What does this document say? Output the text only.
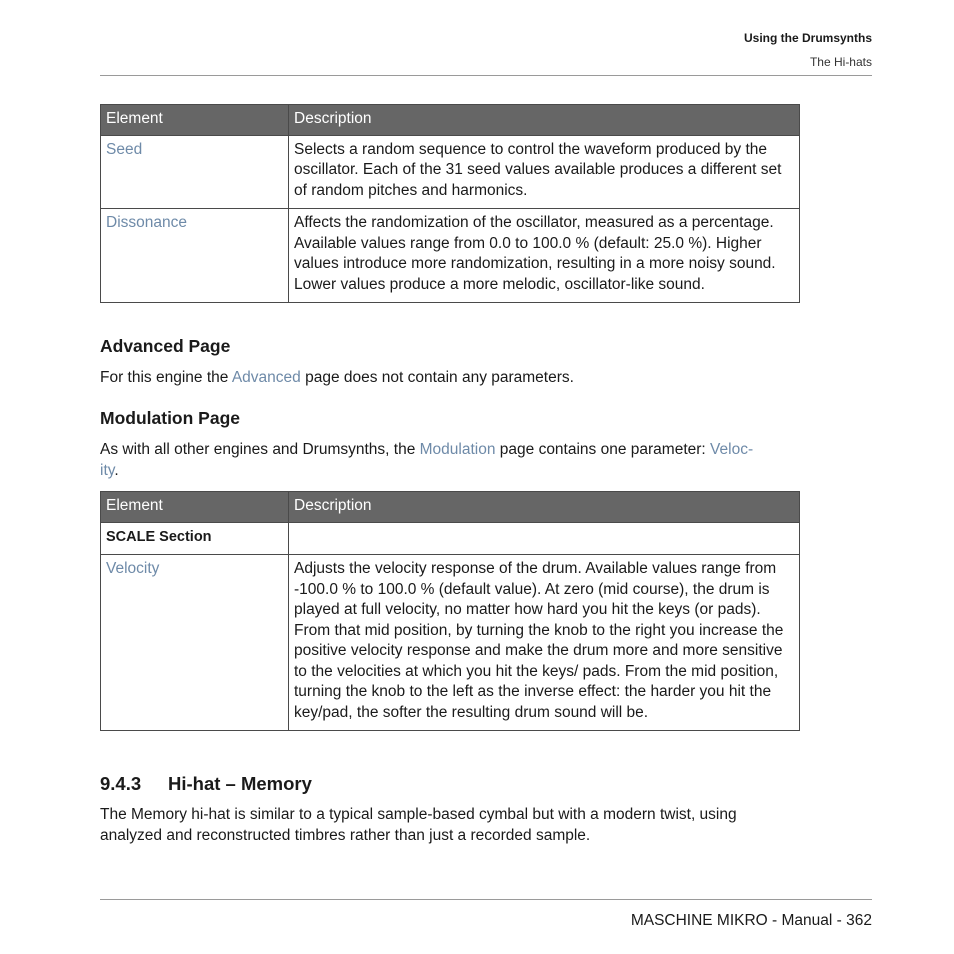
Using the Drumsynths
The Hi-hats
Element	Description
Seed	Selects a random sequence to control the waveform produced by the oscillator. Each of the 31 seed values available produces a different set of random pitches and harmonics.
Dissonance	Affects the randomization of the oscillator, measured as a percentage. Available values range from 0.0 to 100.0 % (default: 25.0 %). Higher values introduce more randomization, resulting in a more noisy sound. Lower values produce a more melodic, oscillator-like sound.
Advanced Page
For this engine the Advanced page does not contain any parameters.
Modulation Page
As with all other engines and Drumsynths, the Modulation page contains one parameter: Veloc-
ity.
Element	Description
SCALE Section	
Velocity	Adjusts the velocity response of the drum. Available values range from -100.0 % to 100.0 % (default value). At zero (mid course), the drum is played at full velocity, no matter how hard you hit the keys (or pads). From that mid position, by turning the knob to the right you increase the positive velocity response and make the drum more and more sensitive to the velocities at which you hit the keys/ pads. From the mid position, turning the knob to the left as the inverse effect: the harder you hit the key/pad, the softer the resulting drum sound will be.
9.4.3 Hi-hat – Memory
The Memory hi-hat is similar to a typical sample-based cymbal but with a modern twist, using analyzed and reconstructed timbres rather than just a recorded sample.
MASCHINE MIKRO - Manual - 362
